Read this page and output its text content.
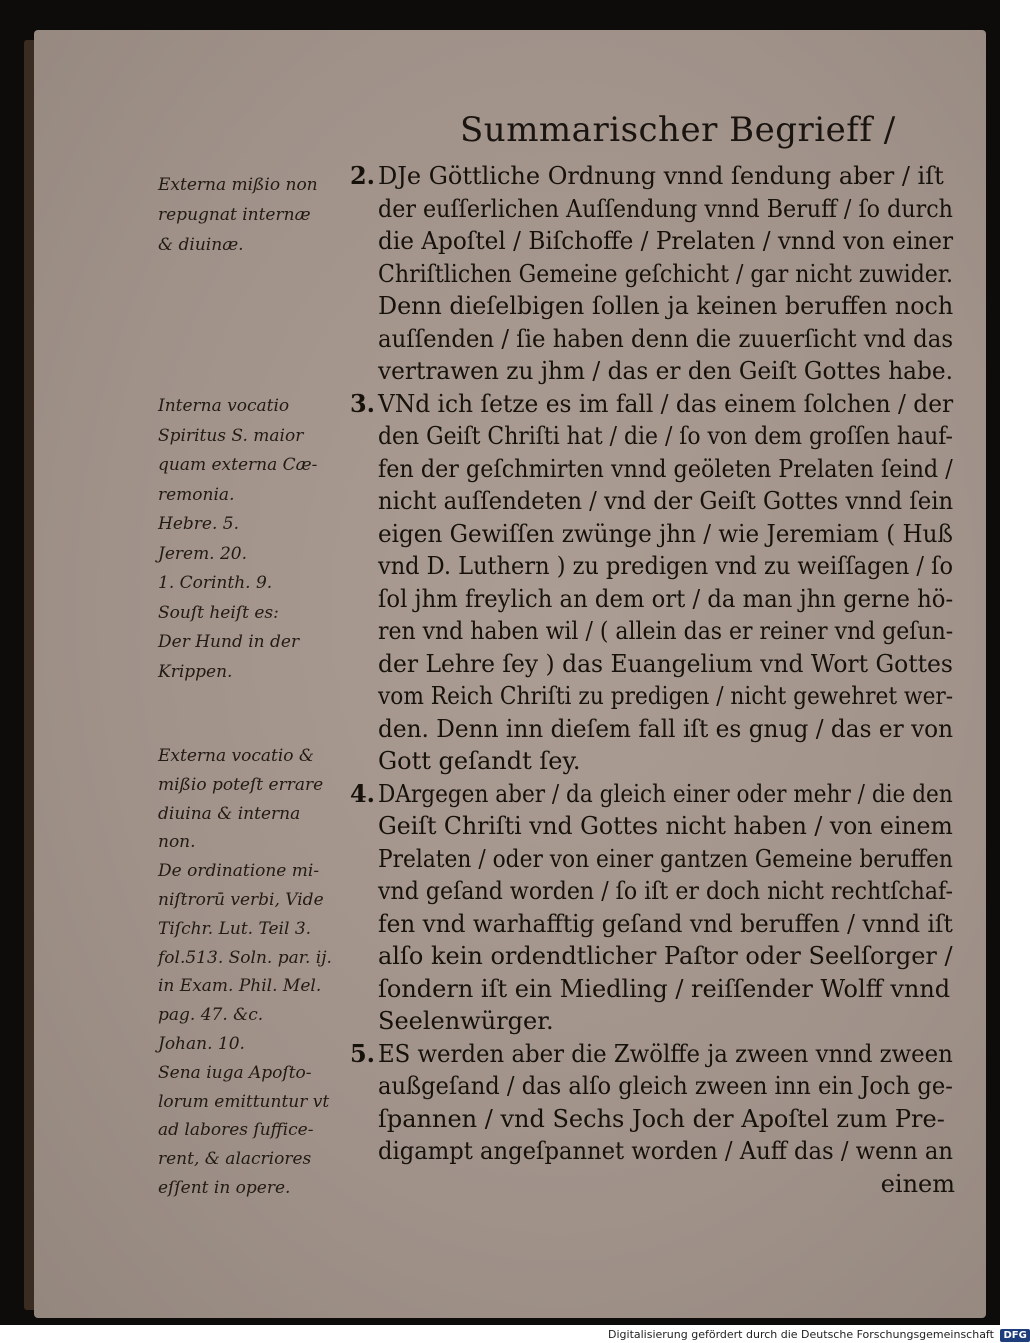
Summarischer Begrieff /
Externa mißio non
repugnat internæ
& diuinæ.
Interna vocatio
Spiritus S. maior
quam externa Cæ-
remonia.
Hebre. 5.
Jerem. 20.
1. Corinth. 9.
Souſt heiſt es:
Der Hund in der
Krippen.
Externa vocatio &
mißio poteſt errare
diuina & interna
non.
De ordinatione mi-
niſtrorū verbi, Vide
Tiſchr. Lut. Teil 3.
fol.513. Soln. par. ij.
in Exam. Phil. Mel.
pag. 47. &c.
Johan. 10.
Sena iuga Apoſto-
lorum emittuntur vt
ad labores ſuffice-
rent, & alacriores
eſſent in opere.
2. DJe Göttliche Ordnung vnnd ſendung aber / iſt
der euſſerlichen Auſſendung vnnd Beruff / ſo durch
die Apoſtel / Biſchoffe / Prelaten / vnnd von einer
Chriſtlichen Gemeine geſchicht / gar nicht zuwider.
Denn dieſelbigen ſollen ja keinen beruffen noch
auſſenden / ſie haben denn die zuuerſicht vnd das
vertrawen zu jhm / das er den Geiſt Gottes habe.
3. VNd ich ſetze es im fall / das einem ſolchen / der
den Geiſt Chriſti hat / die / ſo von dem groſſen hauf-
fen der geſchmirten vnnd geöleten Prelaten ſeind /
nicht auſſendeten / vnd der Geiſt Gottes vnnd ſein
eigen Gewiſſen zwünge jhn / wie Jeremiam ( Huß
vnd D. Luthern ) zu predigen vnd zu weiſſagen / ſo
ſol jhm freylich an dem ort / da man jhn gerne hö-
ren vnd haben wil / ( allein das er reiner vnd geſun-
der Lehre ſey ) das Euangelium vnd Wort Gottes
vom Reich Chriſti zu predigen / nicht gewehret wer-
den. Denn inn dieſem fall iſt es gnug / das er von
Gott geſandt ſey.
4. DArgegen aber / da gleich einer oder mehr / die den
Geiſt Chriſti vnd Gottes nicht haben / von einem
Prelaten / oder von einer gantzen Gemeine beruffen
vnd geſand worden / ſo iſt er doch nicht rechtſchaf-
fen vnd warhafftig geſand vnd beruffen / vnnd iſt
alſo kein ordendtlicher Paſtor oder Seelſorger /
ſondern iſt ein Miedling / reiſſender Wolff vnnd
Seelenwürger.
5. ES werden aber die Zwölffe ja zween vnnd zween
außgeſand / das alſo gleich zween inn ein Joch ge-
ſpannen / vnd Sechs Joch der Apoſtel zum Pre-
digampt angeſpannet worden / Auff das / wenn an
einem
Digitalisierung gefördert durch die Deutsche Forschungsgemeinschaft DFG
